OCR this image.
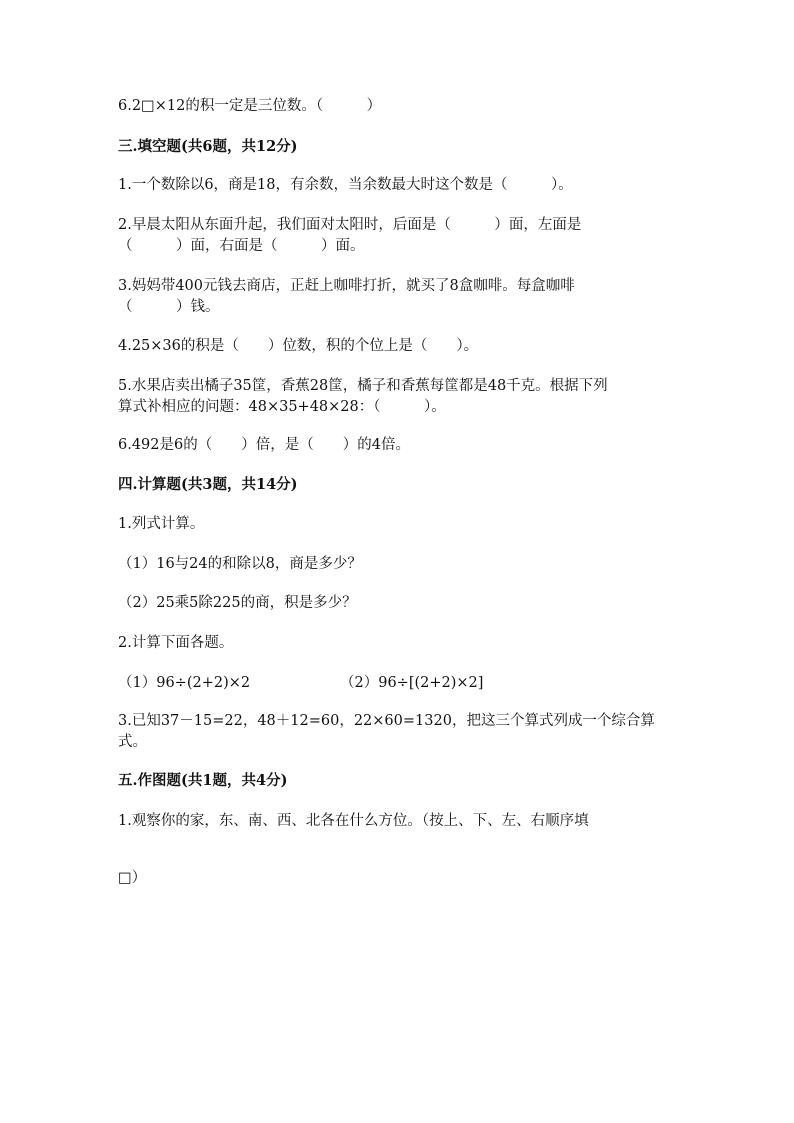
6.2□×12的积一定是三位数。（　　　）
三.填空题(共6题，共12分)
1.一个数除以6，商是18，有余数，当余数最大时这个数是（　　　）。
2.早晨太阳从东面升起，我们面对太阳时，后面是（　　　）面，左面是
（　　　）面，右面是（　　　）面。
3.妈妈带400元钱去商店，正赶上咖啡打折，就买了8盒咖啡。每盒咖啡
（　　　）钱。
4.25×36的积是（　　）位数，积的个位上是（　　）。
5.水果店卖出橘子35筐，香蕉28筐，橘子和香蕉每筐都是48千克。根据下列
算式补相应的问题：48×35+48×28：（　　　）。
6.492是6的（　　）倍，是（　　）的4倍。
四.计算题(共3题，共14分)
1.列式计算。
（1）16与24的和除以8，商是多少？
（2）25乘5除225的商，积是多少？
2.计算下面各题。
（1）96÷(2+2)×2	（2）96÷[(2+2)×2]
3.已知37－15=22，48＋12=60，22×60=1320，把这三个算式列成一个综合算
式。
五.作图题(共1题，共4分)
1.观察你的家，东、南、西、北各在什么方位。（按上、下、左、右顺序填
□）
